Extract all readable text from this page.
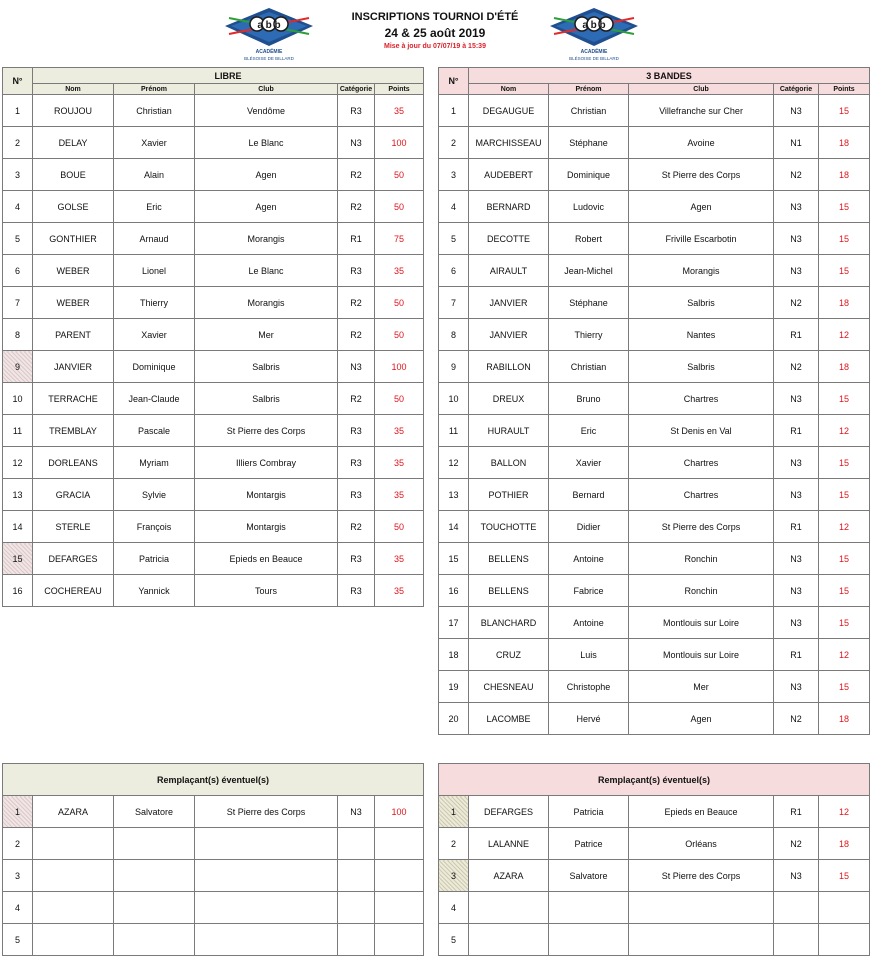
a b b
ACADÉMIE
BLÉSOISE DE BILLARD
a b b
ACADÉMIE
BLÉSOISE DE BILLARD
INSCRIPTIONS TOURNOI D'ÉTÉ
24 & 25 août 2019
Mise à jour du 07/07/19 à 15:39
N°	LIBRE				
	Nom	Prénom	Club	Catégorie	Points
1	ROUJOU	Christian	Vendôme	R3	35
2	DELAY	Xavier	Le Blanc	N3	100
3	BOUE	Alain	Agen	R2	50
4	GOLSE	Eric	Agen	R2	50
5	GONTHIER	Arnaud	Morangis	R1	75
6	WEBER	Lionel	Le Blanc	R3	35
7	WEBER	Thierry	Morangis	R2	50
8	PARENT	Xavier	Mer	R2	50
9	JANVIER	Dominique	Salbris	N3	100
10	TERRACHE	Jean-Claude	Salbris	R2	50
11	TREMBLAY	Pascale	St Pierre des Corps	R3	35
12	DORLEANS	Myriam	Illiers Combray	R3	35
13	GRACIA	Sylvie	Montargis	R3	35
14	STERLE	François	Montargis	R2	50
15	DEFARGES	Patricia	Epieds en Beauce	R3	35
16	COCHEREAU	Yannick	Tours	R3	35
N°	3 BANDES				
	Nom	Prénom	Club	Catégorie	Points
1	DEGAUGUE	Christian	Villefranche sur Cher	N3	15
2	MARCHISSEAU	Stéphane	Avoine	N1	18
3	AUDEBERT	Dominique	St Pierre des Corps	N2	18
4	BERNARD	Ludovic	Agen	N3	15
5	DECOTTE	Robert	Friville Escarbotin	N3	15
6	AIRAULT	Jean-Michel	Morangis	N3	15
7	JANVIER	Stéphane	Salbris	N2	18
8	JANVIER	Thierry	Nantes	R1	12
9	RABILLON	Christian	Salbris	N2	18
10	DREUX	Bruno	Chartres	N3	15
11	HURAULT	Eric	St Denis en Val	R1	12
12	BALLON	Xavier	Chartres	N3	15
13	POTHIER	Bernard	Chartres	N3	15
14	TOUCHOTTE	Didier	St Pierre des Corps	R1	12
15	BELLENS	Antoine	Ronchin	N3	15
16	BELLENS	Fabrice	Ronchin	N3	15
17	BLANCHARD	Antoine	Montlouis sur Loire	N3	15
18	CRUZ	Luis	Montlouis sur Loire	R1	12
19	CHESNEAU	Christophe	Mer	N3	15
20	LACOMBE	Hervé	Agen	N2	18
Remplaçant(s) éventuel(s)					
1	AZARA	Salvatore	St Pierre des Corps	N3	100
2					
3					
4					
5					
Remplaçant(s) éventuel(s)					
1	DEFARGES	Patricia	Epieds en Beauce	R1	12
2	LALANNE	Patrice	Orléans	N2	18
3	AZARA	Salvatore	St Pierre des Corps	N3	15
4					
5					
